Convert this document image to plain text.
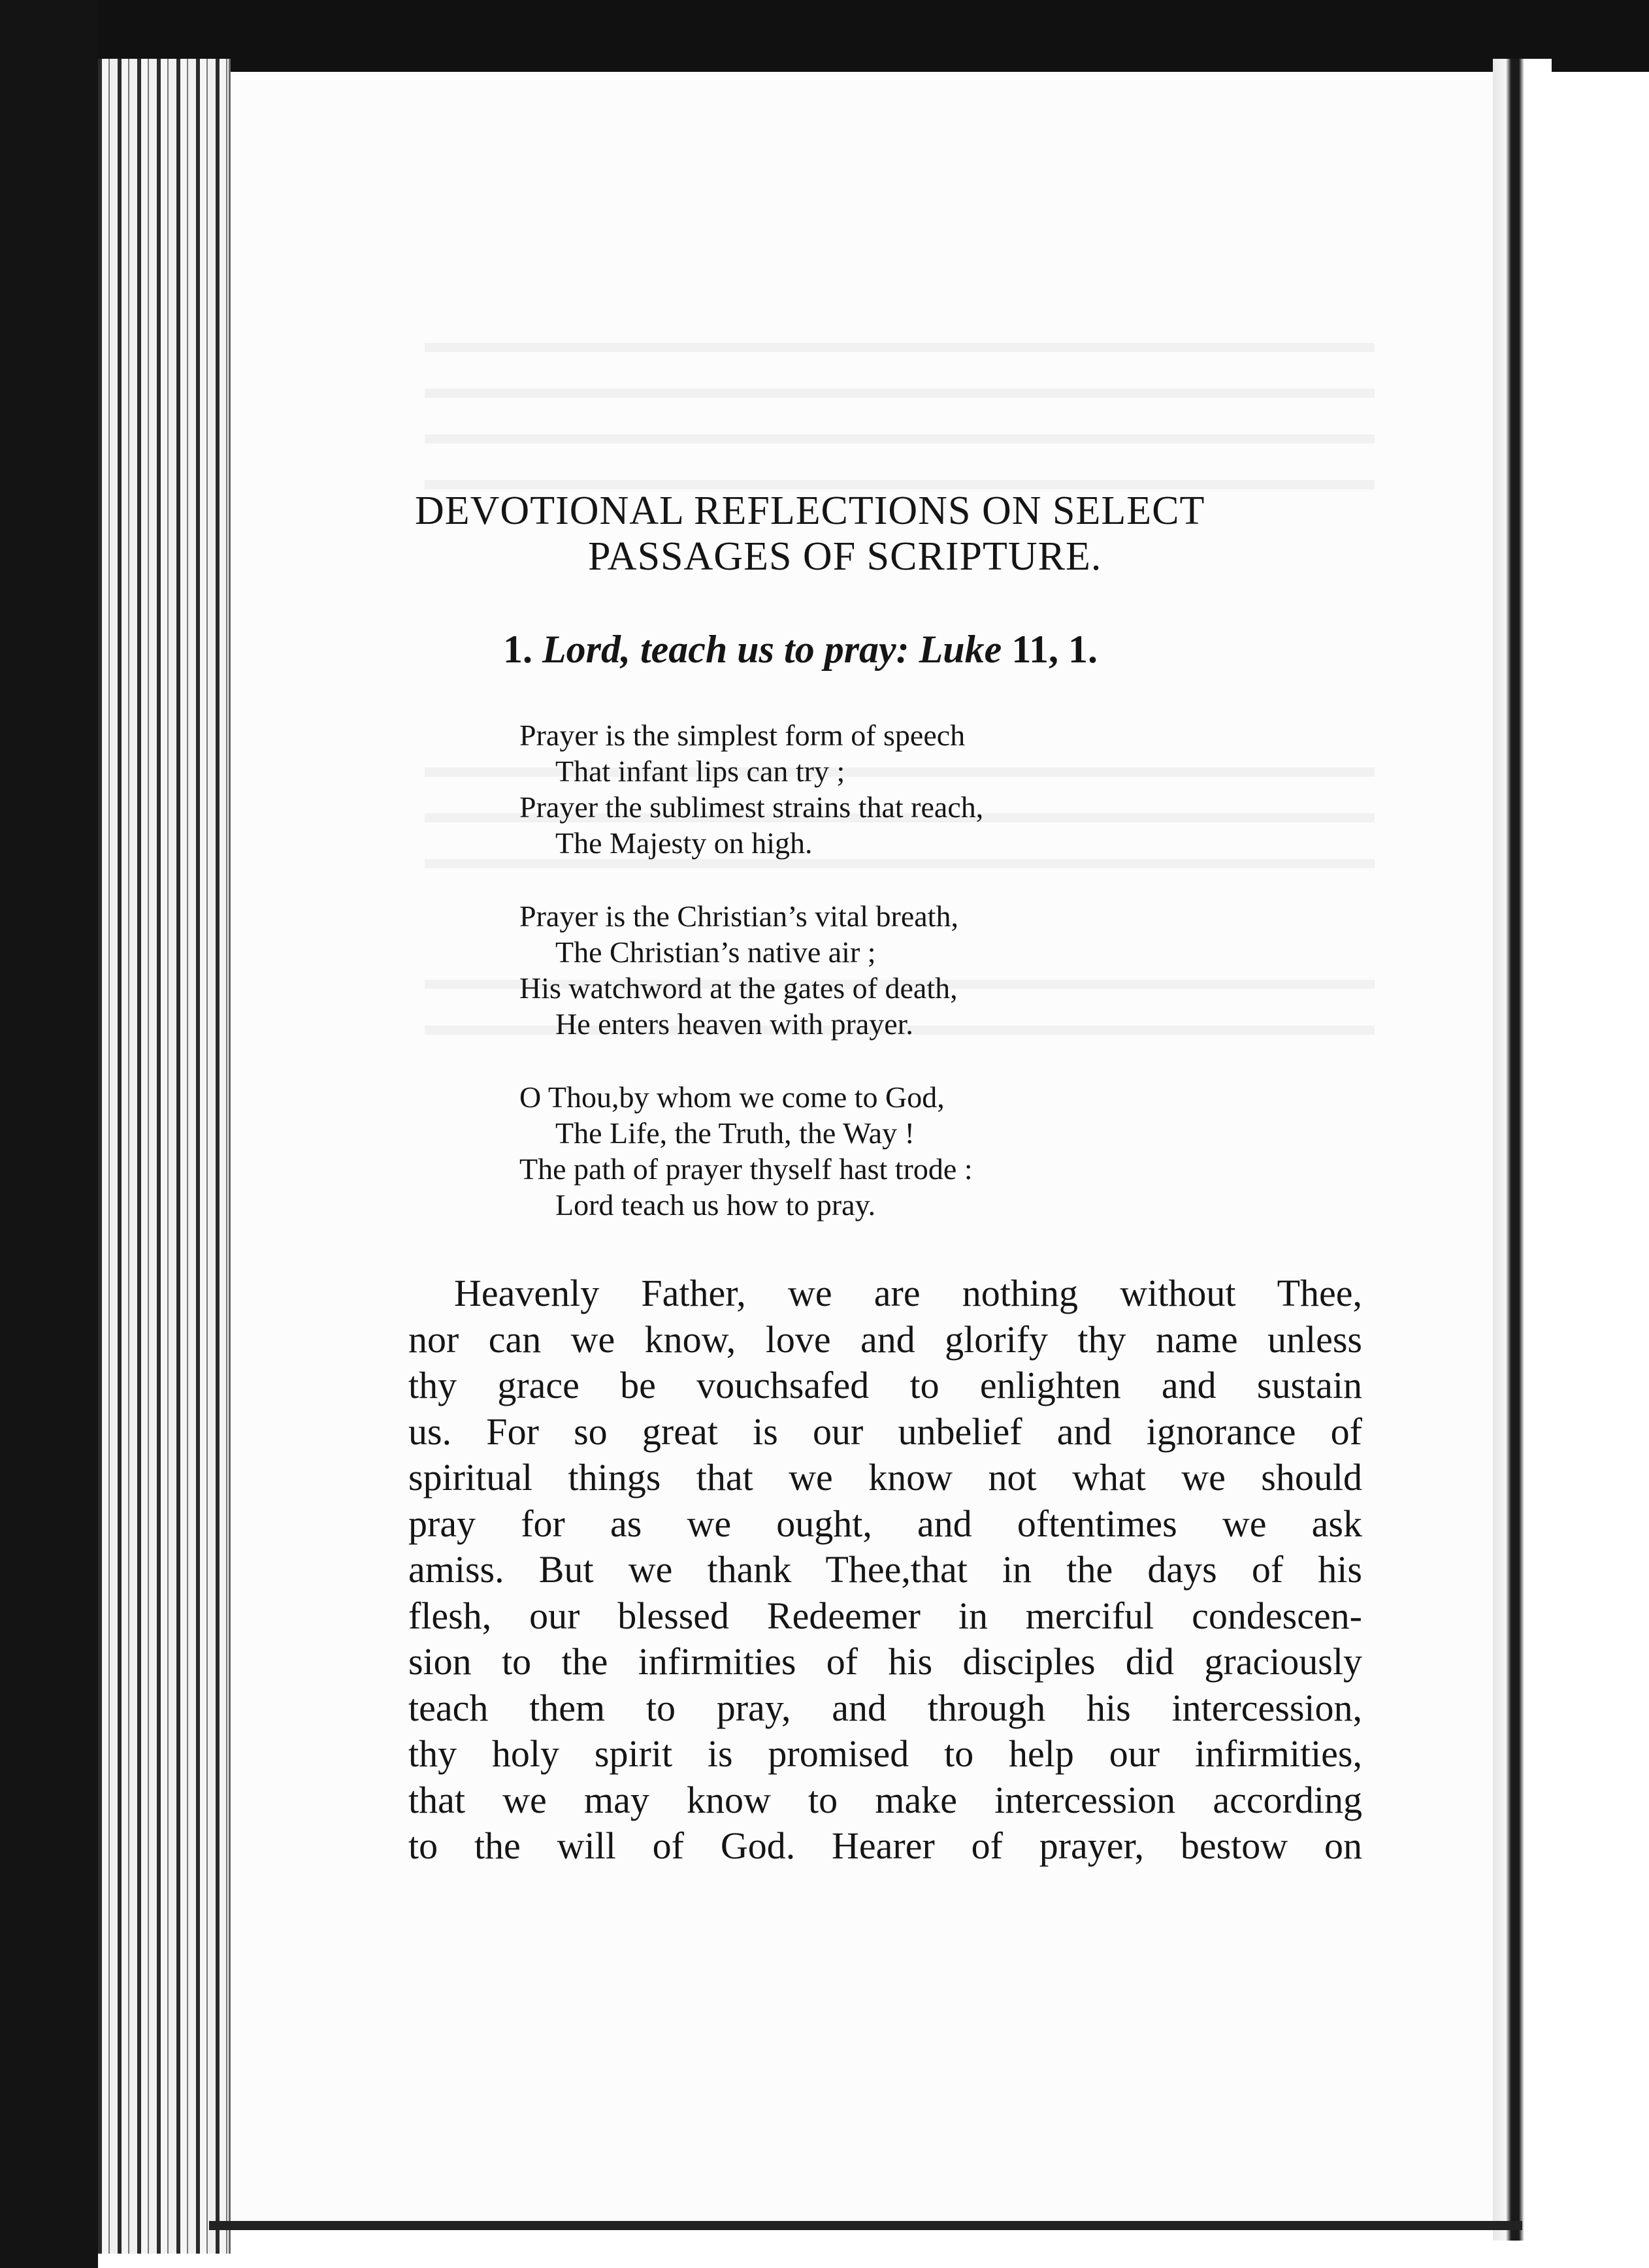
DEVOTIONAL REFLECTIONS ON SELECT
PASSAGES OF SCRIPTURE.
1. Lord, teach us to pray: Luke 11, 1.
Prayer is the simplest form of speech
That infant lips can try ;
Prayer the sublimest strains that reach,
The Majesty on high.
Prayer is the Christian’s vital breath,
The Christian’s native air ;
His watchword at the gates of death,
He enters heaven with prayer.
O Thou,by whom we come to God,
The Life, the Truth, the Way !
The path of prayer thyself hast trode :
Lord teach us how to pray.
Heavenly Father, we are nothing without Thee,
nor can we know, love and glorify thy name unless
thy grace be vouchsafed to enlighten and sustain
us. For so great is our unbelief and ignorance of
spiritual things that we know not what we should
pray for as we ought, and oftentimes we ask
amiss. But we thank Thee,that in the days of his
flesh, our blessed Redeemer in merciful condescen-
sion to the infirmities of his disciples did graciously
teach them to pray, and through his intercession,
thy holy spirit is promised to help our infirmities,
that we may know to make intercession according
to the will of God. Hearer of prayer, bestow on
